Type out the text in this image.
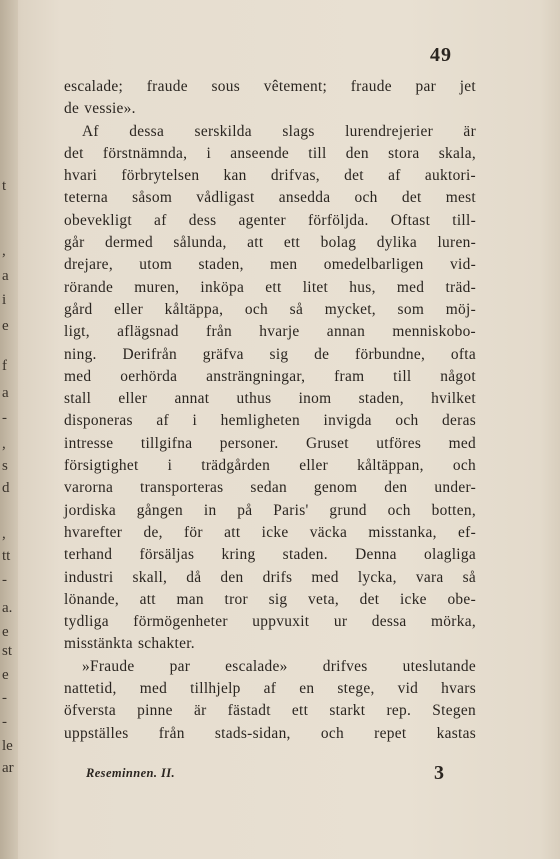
t
,
a
i
e
f
a
-
,
s
d
,
tt
-
a.
e
st
e
-
-
le
ar

49

escalade; fraude sous vêtement; fraude par jet
de vessie».
Af dessa serskilda slags lurendrejerier är
det förstnämnda, i anseende till den stora skala,
hvari förbrytelsen kan drifvas, det af auktori-
teterna såsom vådligast ansedda och det mest
obevekligt af dess agenter förföljda. Oftast till-
går dermed sålunda, att ett bolag dylika luren-
drejare, utom staden, men omedelbarligen vid-
rörande muren, inköpa ett litet hus, med träd-
gård eller kåltäppa, och så mycket, som möj-
ligt, aflägsnad från hvarje annan menniskobo-
ning. Derifrån gräfva sig de förbundne, ofta
med oerhörda ansträngningar, fram till något
stall eller annat uthus inom staden, hvilket
disponeras af i hemligheten invigda och deras
intresse tillgifna personer. Gruset utföres med
försigtighet i trädgården eller kåltäppan, och
varorna transporteras sedan genom den under-
jordiska gången in på Paris' grund och botten,
hvarefter de, för att icke väcka misstanka, ef-
terhand försäljas kring staden. Denna olagliga
industri skall, då den drifs med lycka, vara så
lönande, att man tror sig veta, det icke obe-
tydliga förmögenheter uppvuxit ur dessa mörka,
misstänkta schakter.
»Fraude par escalade» drifves uteslutande
nattetid, med tillhjelp af en stege, vid hvars
öfversta pinne är fästadt ett starkt rep. Stegen
uppställes från stads-sidan, och repet kastas
Reseminnen. II.	3
